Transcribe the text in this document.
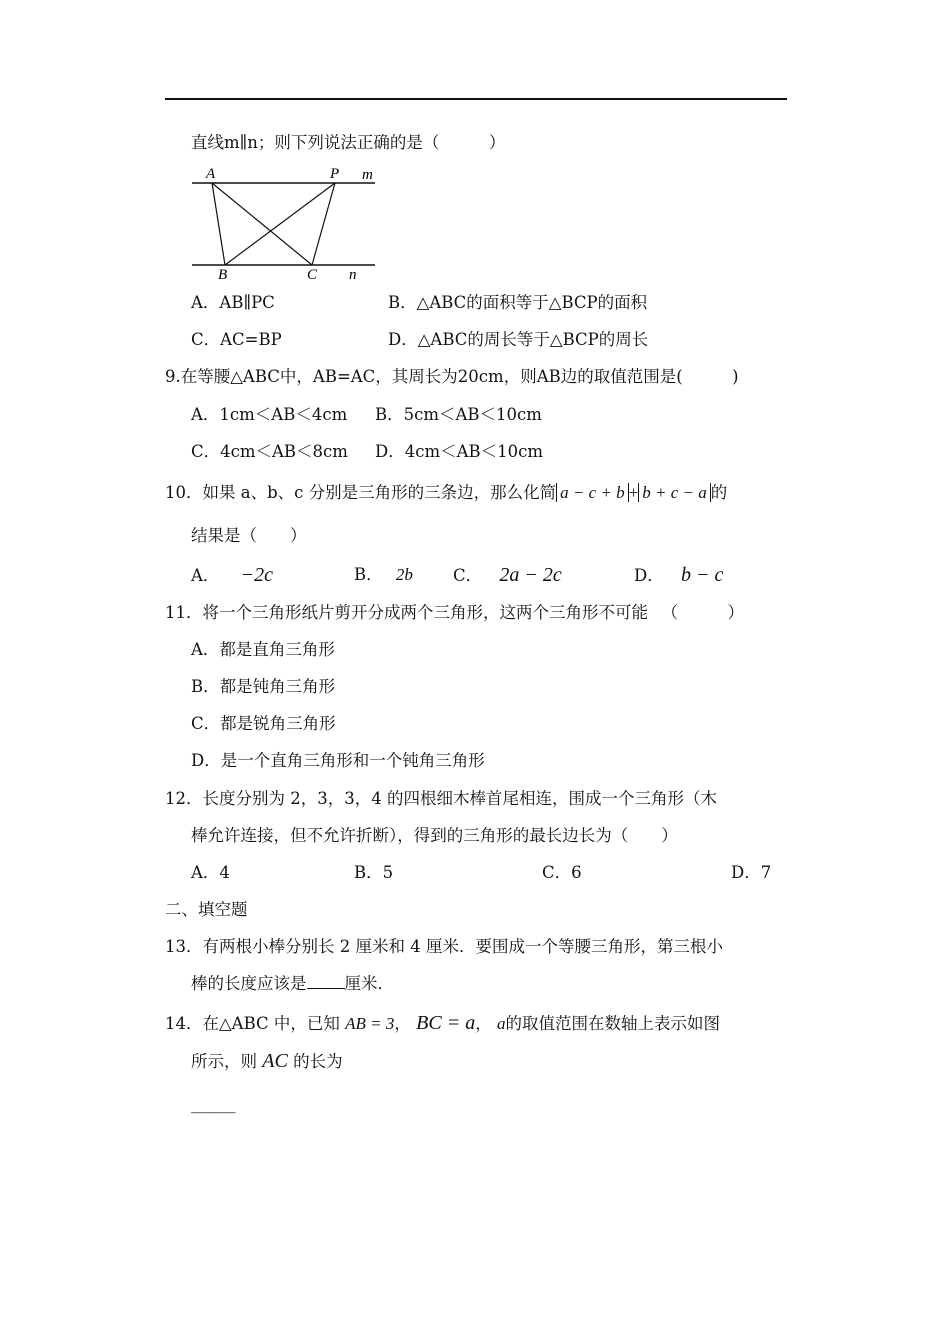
直线m∥n；则下列说法正确的是（　　　）
A	P m
B	C n
A．AB∥PC	B．△ABC的面积等于△BCP的面积
C．AC=BP	D．△ABC的周长等于△BCP的周长
9.在等腰△ABC中，AB=AC，其周长为20cm，则AB边的取值范围是(　　　)
A．1cm＜AB＜4cm B．5cm＜AB＜10cm
C．4cm＜AB＜8cm D．4cm＜AB＜10cm
10．如果 a、b、c 分别是三角形的三条边，那么化简 a − c + b + b + c − a 的
结果是（　　）
A． −2c	B． 2b C． 2a − 2c	D． b − c
11．将一个三角形纸片剪开分成两个三角形，这两个三角形不可能 　（　　　）
A．都是直角三角形
B．都是钝角三角形
C．都是锐角三角形
D．是一个直角三角形和一个钝角三角形
12．长度分别为 2，3，3，4 的四根细木棒首尾相连，围成一个三角形（木
棒允许连接，但不允许折断），得到的三角形的最长边长为（　　）
A．4	B．5	C．6	D．7
二、填空题
13．有两根小棒分别长 2 厘米和 4 厘米．要围成一个等腰三角形，第三根小
棒的长度应该是 厘米．
14．在△ABC 中，已知 AB = 3， BC = a， a的取值范围在数轴上表示如图
所示，则 AC 的长为
______
